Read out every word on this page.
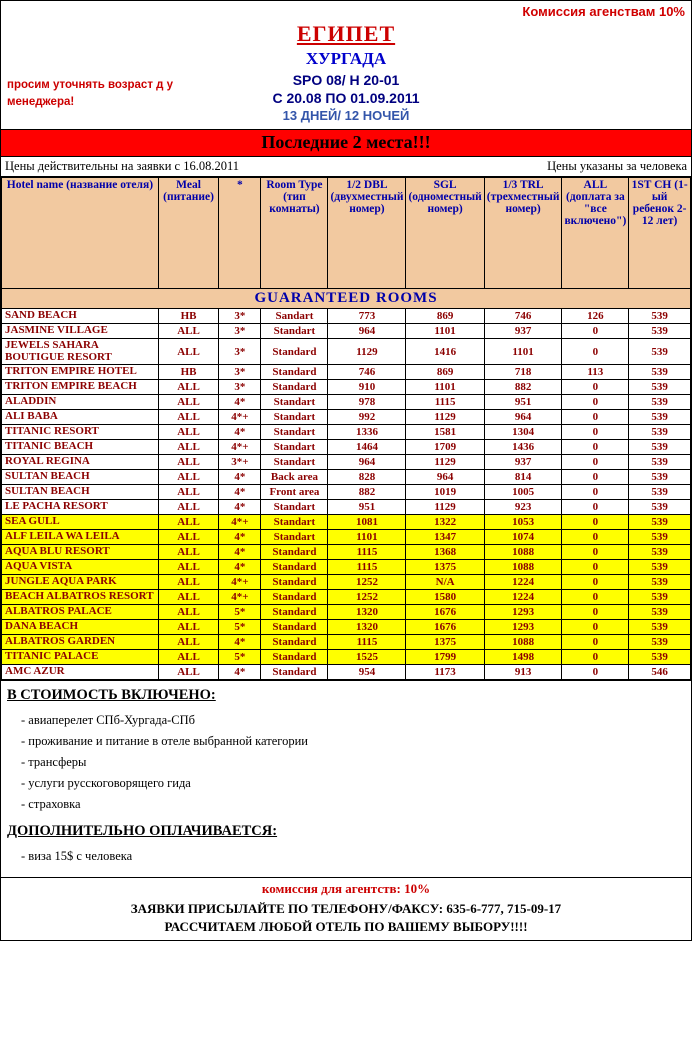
Комиссия агенствам 10%
просим уточнять возраст д у менеджера!
ЕГИПЕТ
ХУРГАДА
SPO 08/ H 20-01
С 20.08 ПО 01.09.2011
13 ДНЕЙ/ 12 НОЧЕЙ
Последние 2 места!!!
Цены действительны на заявки с 16.08.2011	Цены указаны за человека
Hotel name (название отеля)	Meal (питание)	*	Room Type (тип комнаты)	1/2 DBL (двухместный номер)	SGL (одноместный номер)	1/3 TRL (трехместный номер)	ALL (доплата за "все включено")	1ST CH (1-ый ребенок 2-12 лет)
GUARANTEED ROOMS								
SAND BEACH	HB	3*	Sandart	773	869	746	126	539
JASMINE VILLAGE	ALL	3*	Standart	964	1101	937	0	539
JEWELS SAHARA BOUTIGUE RESORT	ALL	3*	Standard	1129	1416	1101	0	539
TRITON EMPIRE HOTEL	HB	3*	Standard	746	869	718	113	539
TRITON EMPIRE BEACH	ALL	3*	Standard	910	1101	882	0	539
ALADDIN	ALL	4*	Standart	978	1115	951	0	539
ALI BABA	ALL	4*+	Standart	992	1129	964	0	539
TITANIC RESORT	ALL	4*	Standart	1336	1581	1304	0	539
TITANIC BEACH	ALL	4*+	Standart	1464	1709	1436	0	539
ROYAL REGINA	ALL	3*+	Standart	964	1129	937	0	539
SULTAN BEACH	ALL	4*	Back area	828	964	814	0	539
SULTAN BEACH	ALL	4*	Front area	882	1019	1005	0	539
LE PACHA RESORT	ALL	4*	Standart	951	1129	923	0	539
SEA GULL	ALL	4*+	Standart	1081	1322	1053	0	539
ALF LEILA WA LEILA	ALL	4*	Standart	1101	1347	1074	0	539
AQUA BLU RESORT	ALL	4*	Standard	1115	1368	1088	0	539
AQUA VISTA	ALL	4*	Standard	1115	1375	1088	0	539
JUNGLE AQUA PARK	ALL	4*+	Standard	1252	N/A	1224	0	539
BEACH ALBATROS RESORT	ALL	4*+	Standard	1252	1580	1224	0	539
ALBATROS PALACE	ALL	5*	Standard	1320	1676	1293	0	539
DANA BEACH	ALL	5*	Standard	1320	1676	1293	0	539
ALBATROS GARDEN	ALL	4*	Standard	1115	1375	1088	0	539
TITANIC PALACE	ALL	5*	Standard	1525	1799	1498	0	539
AMC AZUR	ALL	4*	Standard	954	1173	913	0	546
В СТОИМОСТЬ ВКЛЮЧЕНО:
- авиаперелет СПб-Хургада-СПб
- проживание и питание в отеле выбранной категории
- трансферы
- услуги русскоговорящего гида
- страховка
ДОПОЛНИТЕЛЬНО ОПЛАЧИВАЕТСЯ:
- виза 15$ с человека
комиссия для агентств: 10%
ЗАЯВКИ ПРИСЫЛАЙТЕ ПО ТЕЛЕФОНУ/ФАКСУ: 635-6-777, 715-09-17
РАССЧИТАЕМ ЛЮБОЙ ОТЕЛЬ ПО ВАШЕМУ ВЫБОРУ!!!!
